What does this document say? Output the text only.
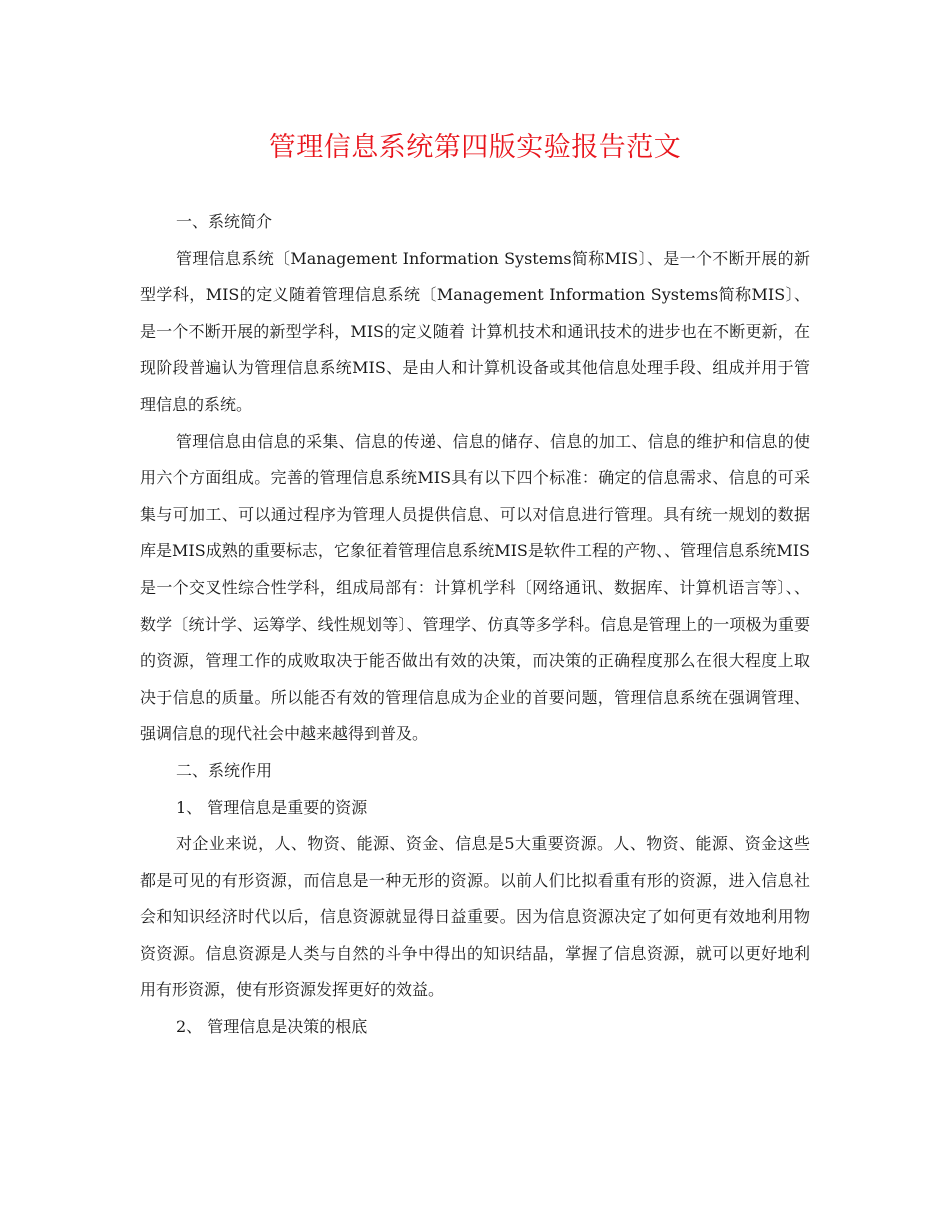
管理信息系统第四版实验报告范文

一、系统简介

管理信息系统〔Management Information Systems简称MIS〕、是一个不断开展的新型学科，MIS的定义随着管理信息系统〔Management Information Systems简称MIS〕、是一个不断开展的新型学科，MIS的定义随着 计算机技术和通讯技术的进步也在不断更新，在现阶段普遍认为管理信息系统MIS、是由人和计算机设备或其他信息处理手段、组成并用于管理信息的系统。

管理信息由信息的采集、信息的传递、信息的储存、信息的加工、信息的维护和信息的使用六个方面组成。完善的管理信息系统MIS具有以下四个标准：确定的信息需求、信息的可采集与可加工、可以通过程序为管理人员提供信息、可以对信息进行管理。具有统一规划的数据库是MIS成熟的重要标志，它象征着管理信息系统MIS是软件工程的产物、、管理信息系统MIS是一个交叉性综合性学科，组成局部有：计算机学科〔网络通讯、数据库、计算机语言等〕、、数学〔统计学、运筹学、线性规划等〕、管理学、仿真等多学科。信息是管理上的一项极为重要的资源，管理工作的成败取决于能否做出有效的决策，而决策的正确程度那么在很大程度上取决于信息的质量。所以能否有效的管理信息成为企业的首要问题，管理信息系统在强调管理、强调信息的现代社会中越来越得到普及。

二、系统作用

1、 管理信息是重要的资源

对企业来说，人、物资、能源、资金、信息是5大重要资源。人、物资、能源、资金这些都是可见的有形资源，而信息是一种无形的资源。以前人们比拟看重有形的资源，进入信息社会和知识经济时代以后，信息资源就显得日益重要。因为信息资源决定了如何更有效地利用物资资源。信息资源是人类与自然的斗争中得出的知识结晶，掌握了信息资源，就可以更好地利用有形资源，使有形资源发挥更好的效益。

2、 管理信息是决策的根底
